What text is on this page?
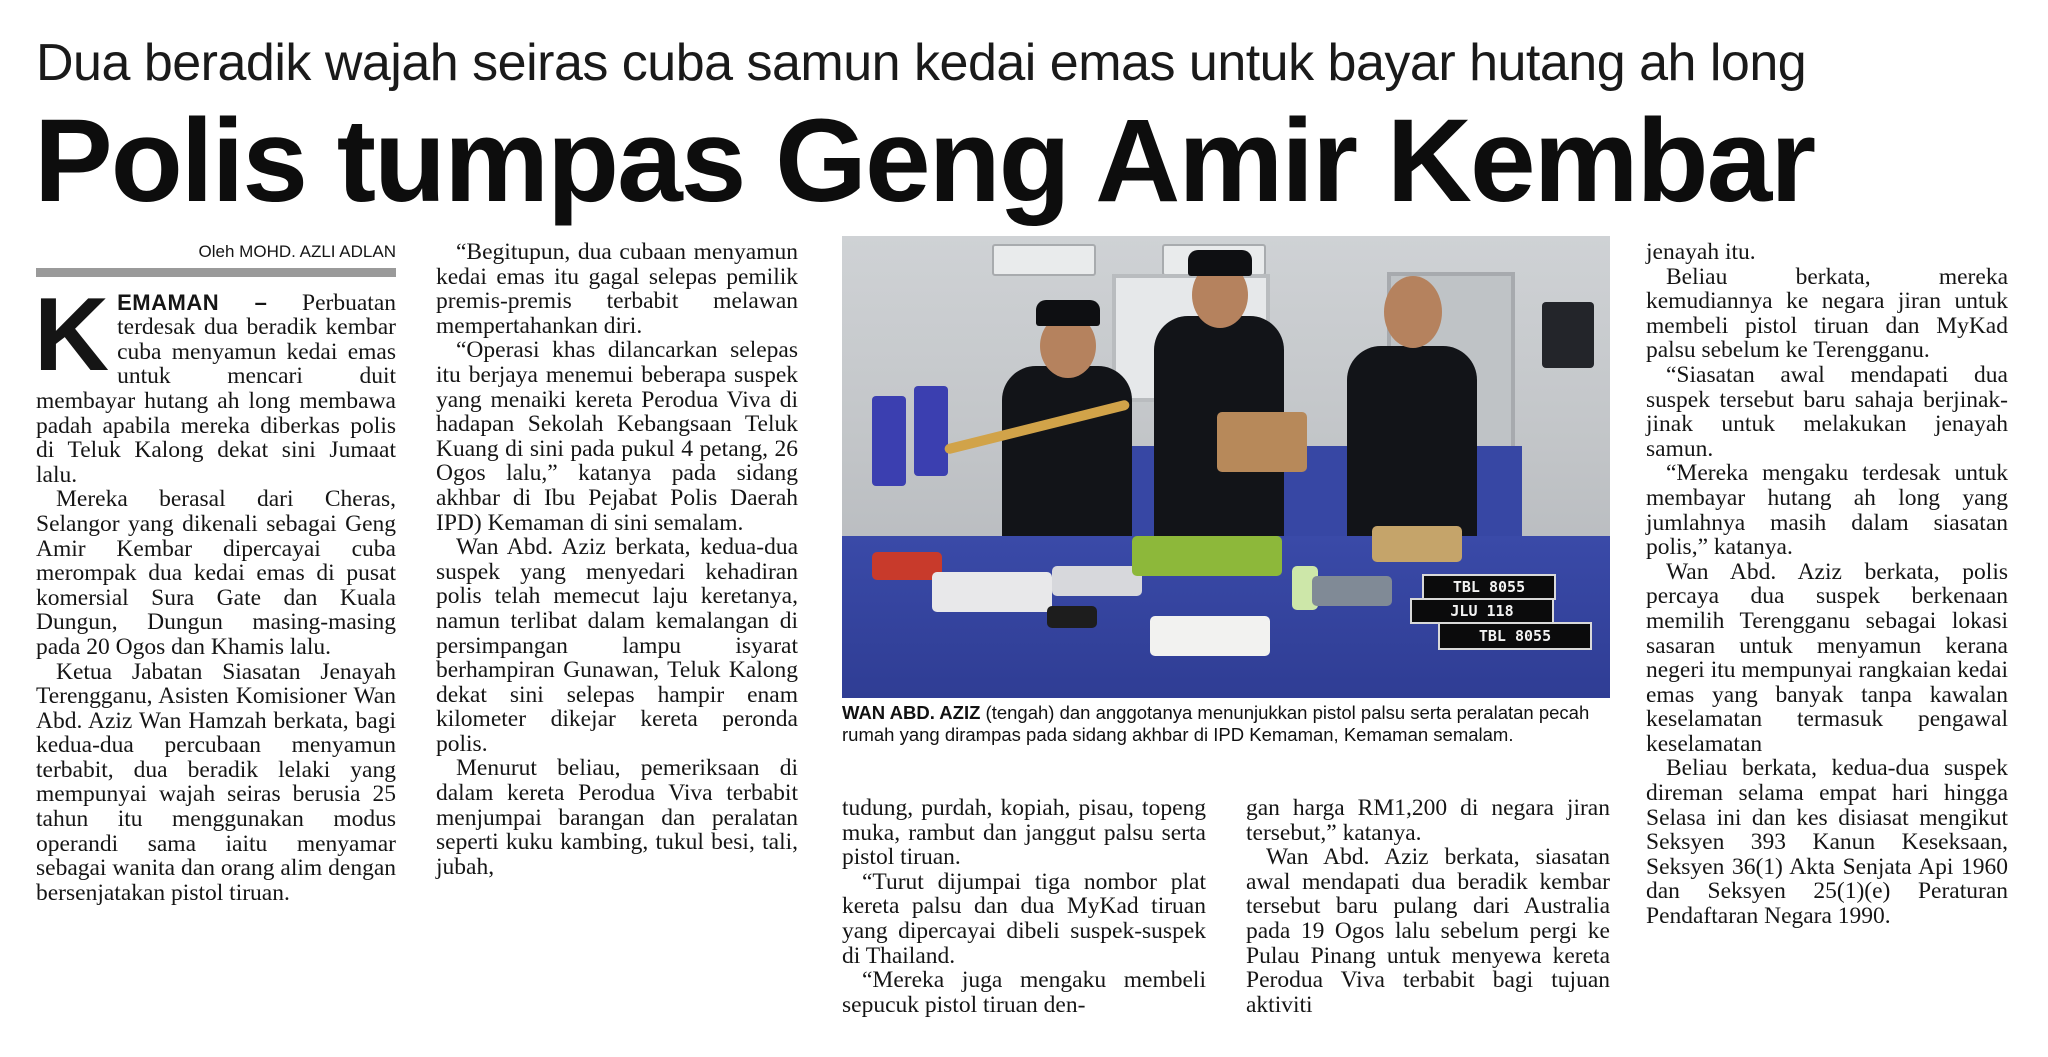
Dua beradik wajah seiras cuba samun kedai emas untuk bayar hutang ah long
Polis tumpas Geng Amir Kembar
Oleh MOHD. AZLI ADLAN

KEMAMAN – Perbuatan terdesak dua beradik kembar cuba menyamun kedai emas untuk mencari duit membayar hutang ah long membawa padah apabila mereka diberkas polis di Teluk Kalong dekat sini Jumaat lalu.

Mereka berasal dari Cheras, Selangor yang dikenali sebagai Geng Amir Kembar dipercayai cuba merompak dua kedai emas di pusat komersial Sura Gate dan Kuala Dungun, Dungun masing-masing pada 20 Ogos dan Khamis lalu.

Ketua Jabatan Siasatan Jenayah Terengganu, Asisten Komisioner Wan Abd. Aziz Wan Hamzah berkata, bagi kedua-dua percubaan menyamun terbabit, dua beradik lelaki yang mempunyai wajah seiras berusia 25 tahun itu menggunakan modus operandi sama iaitu menyamar sebagai wanita dan orang alim dengan bersenjatakan pistol tiruan.

“Begitupun, dua cubaan menyamun kedai emas itu gagal selepas pemilik premis-premis terbabit melawan mempertahankan diri.

“Operasi khas dilancarkan selepas itu berjaya menemui beberapa suspek yang menaiki kereta Perodua Viva di hadapan Sekolah Kebangsaan Teluk Kuang di sini pada pukul 4 petang, 26 Ogos lalu,” katanya pada sidang akhbar di Ibu Pejabat Polis Daerah IPD) Kemaman di sini semalam.

Wan Abd. Aziz berkata, kedua-dua suspek yang menyedari kehadiran polis telah memecut laju keretanya, namun terlibat dalam kemalangan di persimpangan lampu isyarat berhampiran Gunawan, Teluk Kalong dekat sini selepas hampir enam kilometer dikejar kereta peronda polis.

Menurut beliau, pemeriksaan di dalam kereta Perodua Viva terbabit menjumpai barangan dan peralatan seperti kuku kambing, tukul besi, tali, jubah,

TBL 8055
JLU 118
TBL 8055
WAN ABD. AZIZ (tengah) dan anggotanya menunjukkan pistol palsu serta peralatan pecah rumah yang dirampas pada sidang akhbar di IPD Kemaman, Kemaman semalam.

tudung, purdah, kopiah, pisau, topeng muka, rambut dan janggut palsu serta pistol tiruan.

“Turut dijumpai tiga nombor plat kereta palsu dan dua MyKad tiruan yang dipercayai dibeli suspek-suspek di Thailand.

“Mereka juga mengaku membeli sepucuk pistol tiruan den-

gan harga RM1,200 di negara jiran tersebut,” katanya.

Wan Abd. Aziz berkata, siasatan awal mendapati dua beradik kembar tersebut baru pulang dari Australia pada 19 Ogos lalu sebelum pergi ke Pulau Pinang untuk menyewa kereta Perodua Viva terbabit bagi tujuan aktiviti

jenayah itu.

Beliau berkata, mereka kemudiannya ke negara jiran untuk membeli pistol tiruan dan MyKad palsu sebelum ke Terengganu.

“Siasatan awal mendapati dua suspek tersebut baru sahaja berjinak-jinak untuk melakukan jenayah samun.

“Mereka mengaku terdesak untuk membayar hutang ah long yang jumlahnya masih dalam siasatan polis,” katanya.

Wan Abd. Aziz berkata, polis percaya dua suspek berkenaan memilih Terengganu sebagai lokasi sasaran untuk menyamun kerana negeri itu mempunyai rangkaian kedai emas yang banyak tanpa kawalan keselamatan termasuk pengawal keselamatan

Beliau berkata, kedua-dua suspek direman selama empat hari hingga Selasa ini dan kes disiasat mengikut Seksyen 393 Kanun Keseksaan, Seksyen 36(1) Akta Senjata Api 1960 dan Seksyen 25(1)(e) Peraturan Pendaftaran Negara 1990.
